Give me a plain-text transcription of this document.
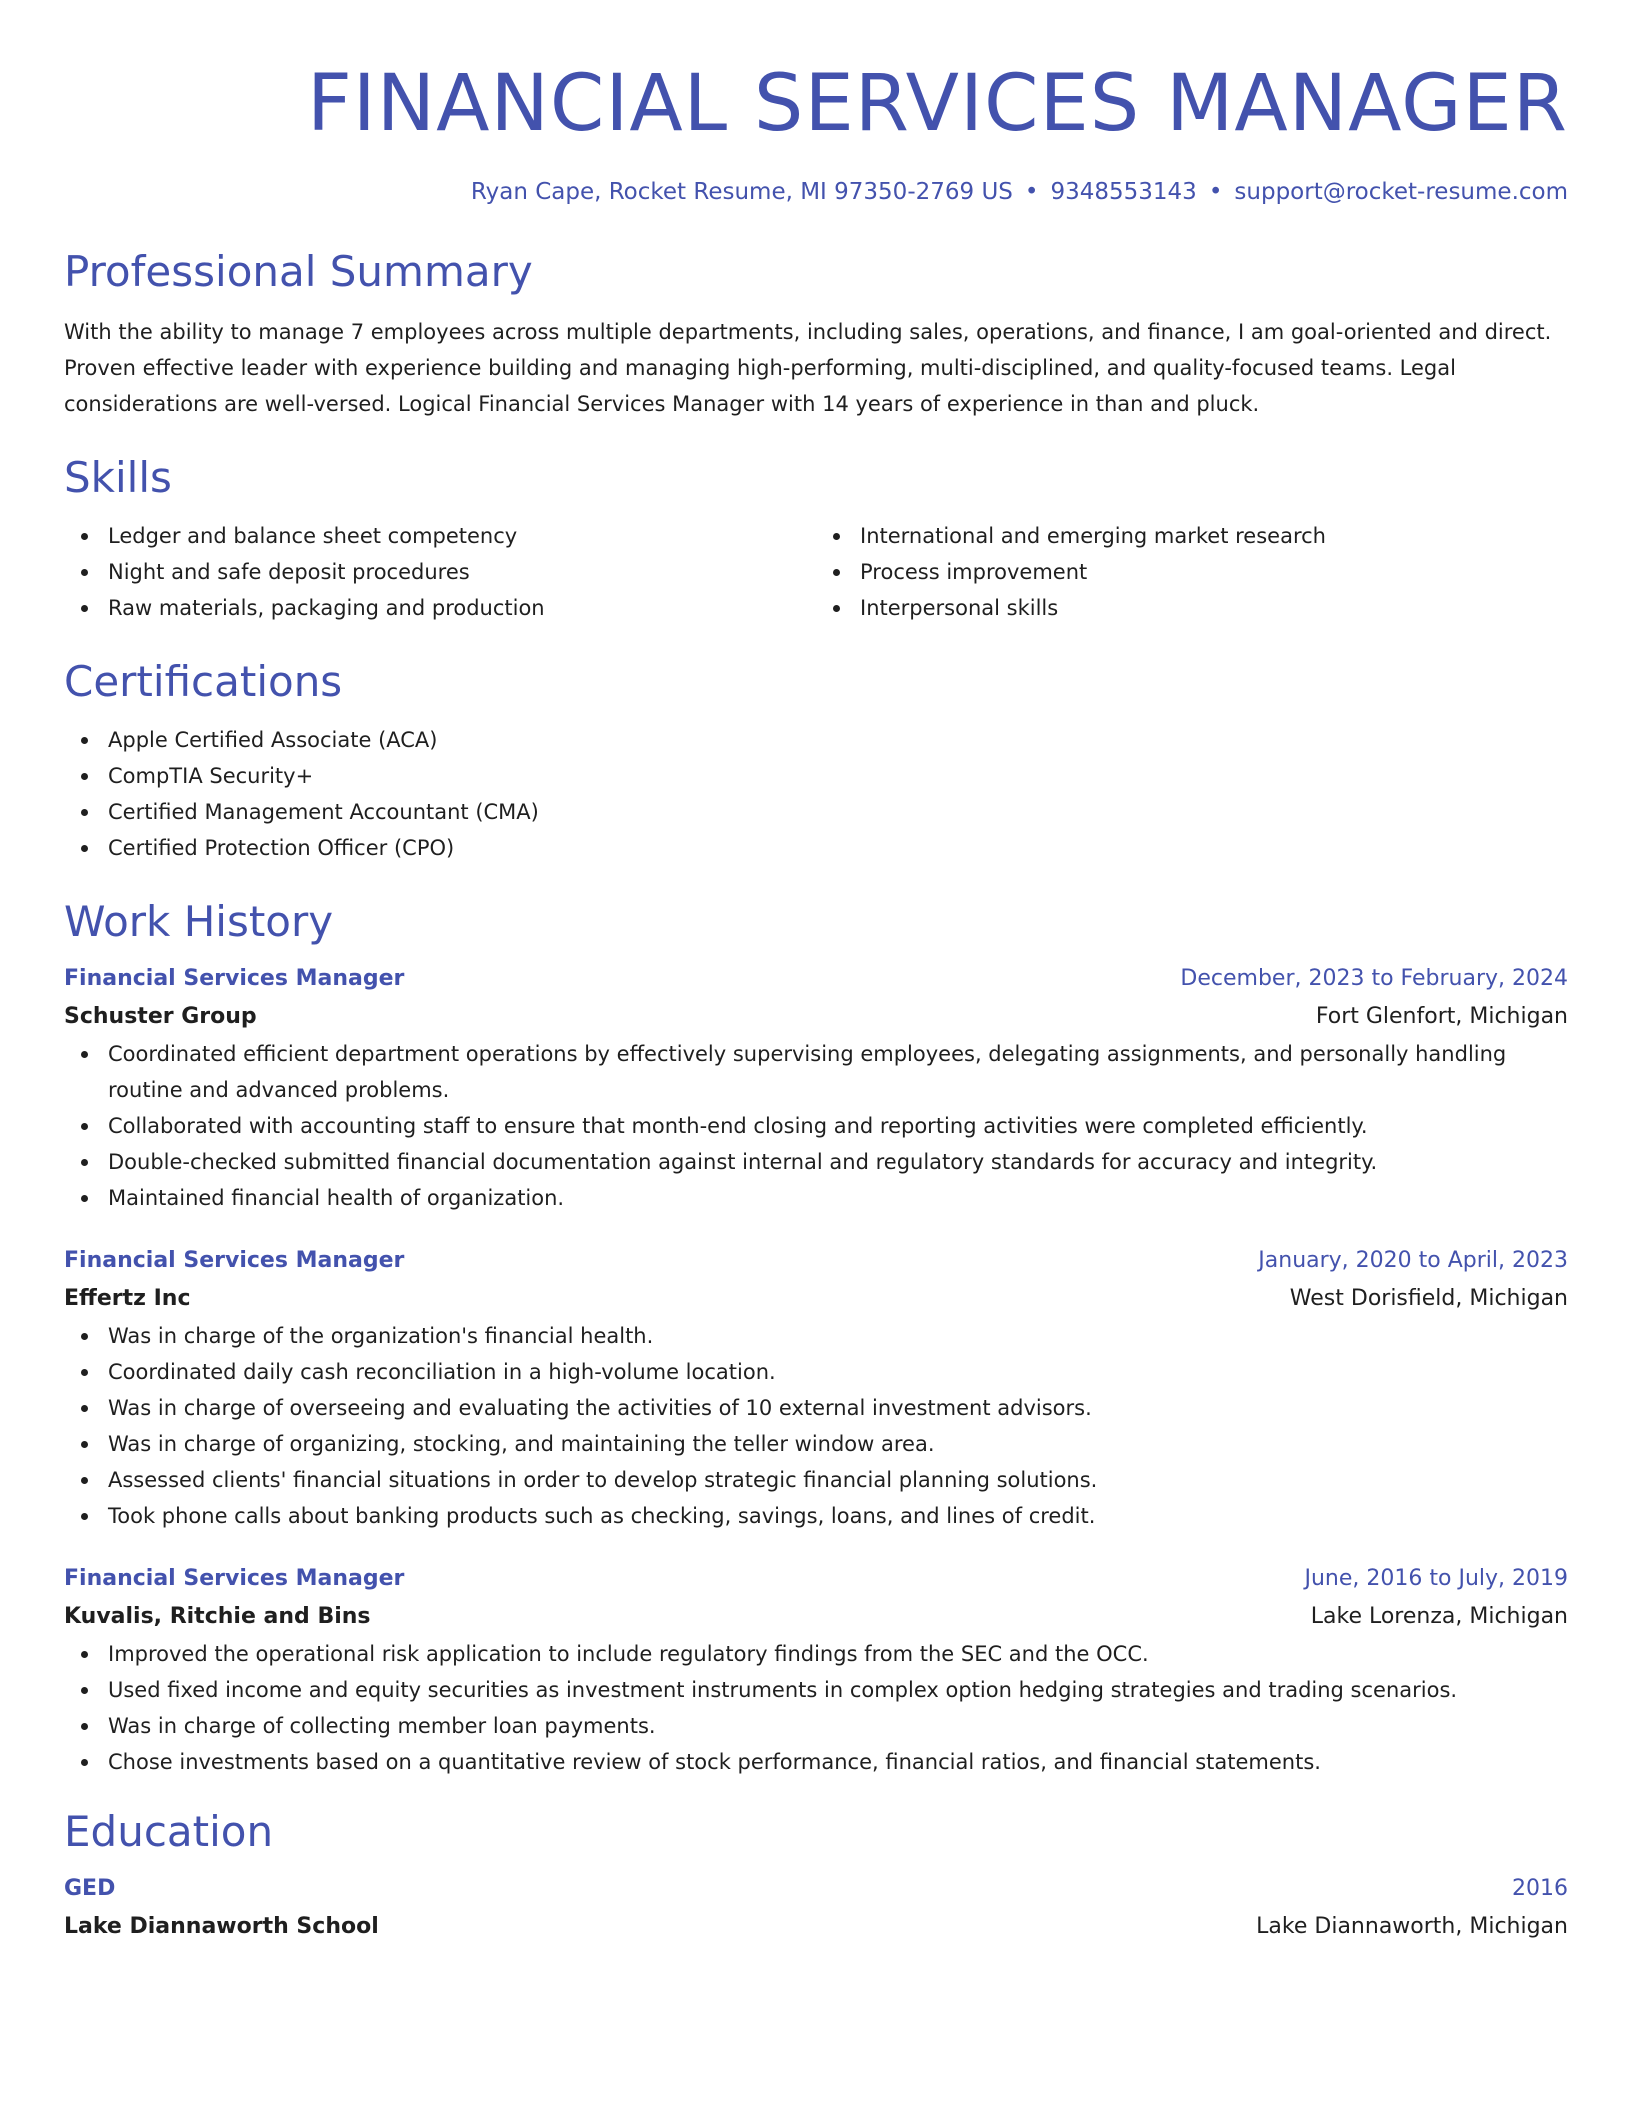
FINANCIAL SERVICES MANAGER
Ryan Cape, Rocket Resume, MI 97350-2769 US • 9348553143 • support@rocket-resume.com
Professional Summary

With the ability to manage 7 employees across multiple departments, including sales, operations, and finance, I am goal-oriented and direct. Proven effective leader with experience building and managing high-performing, multi-disciplined, and quality-focused teams. Legal considerations are well-versed. Logical Financial Services Manager with 14 years of experience in than and pluck.

Skills
Ledger and balance sheet competency
Night and safe deposit procedures
Raw materials, packaging and production
International and emerging market research
Process improvement
Interpersonal skills
Certifications
Apple Certified Associate (ACA)
CompTIA Security+
Certified Management Accountant (CMA)
Certified Protection Officer (CPO)
Work History
Financial Services Manager	December, 2023 to February, 2024
Schuster Group	Fort Glenfort, Michigan
Coordinated efficient department operations by effectively supervising employees, delegating assignments, and personally handling routine and advanced problems.
Collaborated with accounting staff to ensure that month-end closing and reporting activities were completed efficiently.
Double-checked submitted financial documentation against internal and regulatory standards for accuracy and integrity.
Maintained financial health of organization.
Financial Services Manager	January, 2020 to April, 2023
Effertz Inc	West Dorisfield, Michigan
Was in charge of the organization's financial health.
Coordinated daily cash reconciliation in a high-volume location.
Was in charge of overseeing and evaluating the activities of 10 external investment advisors.
Was in charge of organizing, stocking, and maintaining the teller window area.
Assessed clients' financial situations in order to develop strategic financial planning solutions.
Took phone calls about banking products such as checking, savings, loans, and lines of credit.
Financial Services Manager	June, 2016 to July, 2019
Kuvalis, Ritchie and Bins	Lake Lorenza, Michigan
Improved the operational risk application to include regulatory findings from the SEC and the OCC.
Used fixed income and equity securities as investment instruments in complex option hedging strategies and trading scenarios.
Was in charge of collecting member loan payments.
Chose investments based on a quantitative review of stock performance, financial ratios, and financial statements.
Education
GED	2016
Lake Diannaworth School	Lake Diannaworth, Michigan
